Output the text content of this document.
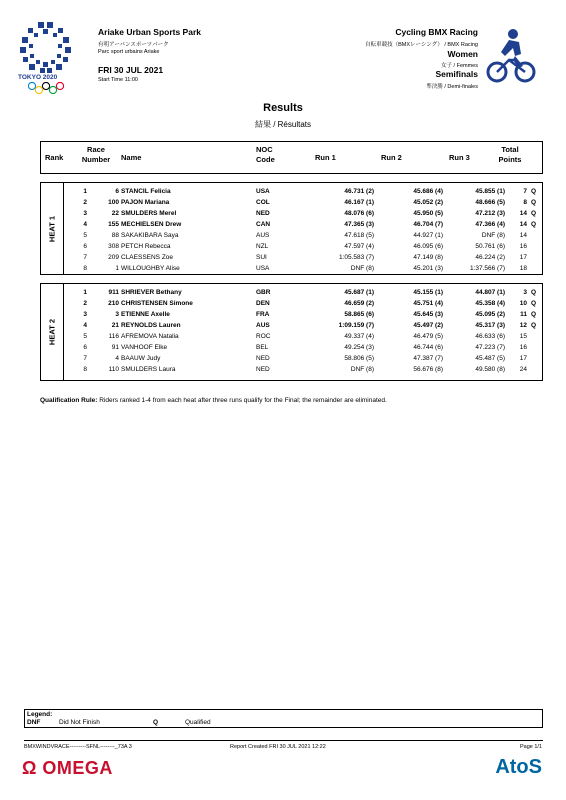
TOKYO 2020
Ariake Urban Sports Park
有明アーバンスポーツパーク
Parc sport urbains Ariake
FRI 30 JUL 2021
Start Time 11:00
Cycling BMX Racing
自転車競技（BMXレーシング） / BMX Racing
Women
女子 / Femmes
Semifinals
準決勝 / Demi-finales
Results
結果 / Résultats
Rank
Race
Number	Name
NOC
Code	Run 1	Run 2	Run 3
Total
Points
HEAT 1
1	6 STANCIL Felicia	USA	46.731 (2)	45.686 (4)	45.855 (1)	7 Q
2	100 PAJON Mariana	COL	46.167 (1)	45.052 (2)	48.666 (5)	8 Q
3	22 SMULDERS Merel	NED	48.076 (6)	45.950 (5)	47.212 (3)	14 Q
4	155 MECHIELSEN Drew	CAN	47.365 (3)	46.704 (7)	47.366 (4)	14 Q
5	88 SAKAKIBARA Saya	AUS	47.618 (5)	44.927 (1)	DNF (8)	14
6	308 PETCH Rebecca	NZL	47.597 (4)	46.095 (6)	50.761 (6)	16
7	209 CLAESSENS Zoe	SUI	1:05.583 (7)	47.149 (8)	46.224 (2)	17
8	1 WILLOUGHBY Alise	USA	DNF (8)	45.201 (3)	1:37.566 (7)	18
HEAT 2
1	911 SHRIEVER Bethany	GBR	45.687 (1)	45.155 (1)	44.807 (1)	3 Q
2	210 CHRISTENSEN Simone	DEN	46.659 (2)	45.751 (4)	45.358 (4)	10 Q
3	3 ETIENNE Axelle	FRA	58.865 (6)	45.645 (3)	45.095 (2)	11 Q
4	21 REYNOLDS Lauren	AUS	1:09.159 (7)	45.497 (2)	45.317 (3)	12 Q
5	116 AFREMOVA Natalia	ROC	49.337 (4)	46.479 (5)	46.633 (6)	15
6	91 VANHOOF Elke	BEL	49.254 (3)	46.744 (6)	47.223 (7)	16
7	4 BAAUW Judy	NED	58.806 (5)	47.387 (7)	45.487 (5)	17
8	110 SMULDERS Laura	NED	DNF (8)	56.676 (8)	49.580 (8)	24
Qualification Rule: Riders ranked 1-4 from each heat after three runs qualify for the Final; the remainder are eliminated.
Legend:
DNF	Did Not Finish	Q	Qualified
BMXWINDVRACE---------SFNL--------_73A 3	Report Created FRI 30 JUL 2021 12:22	Page 1/1
Ω OMEGA	AtoS
